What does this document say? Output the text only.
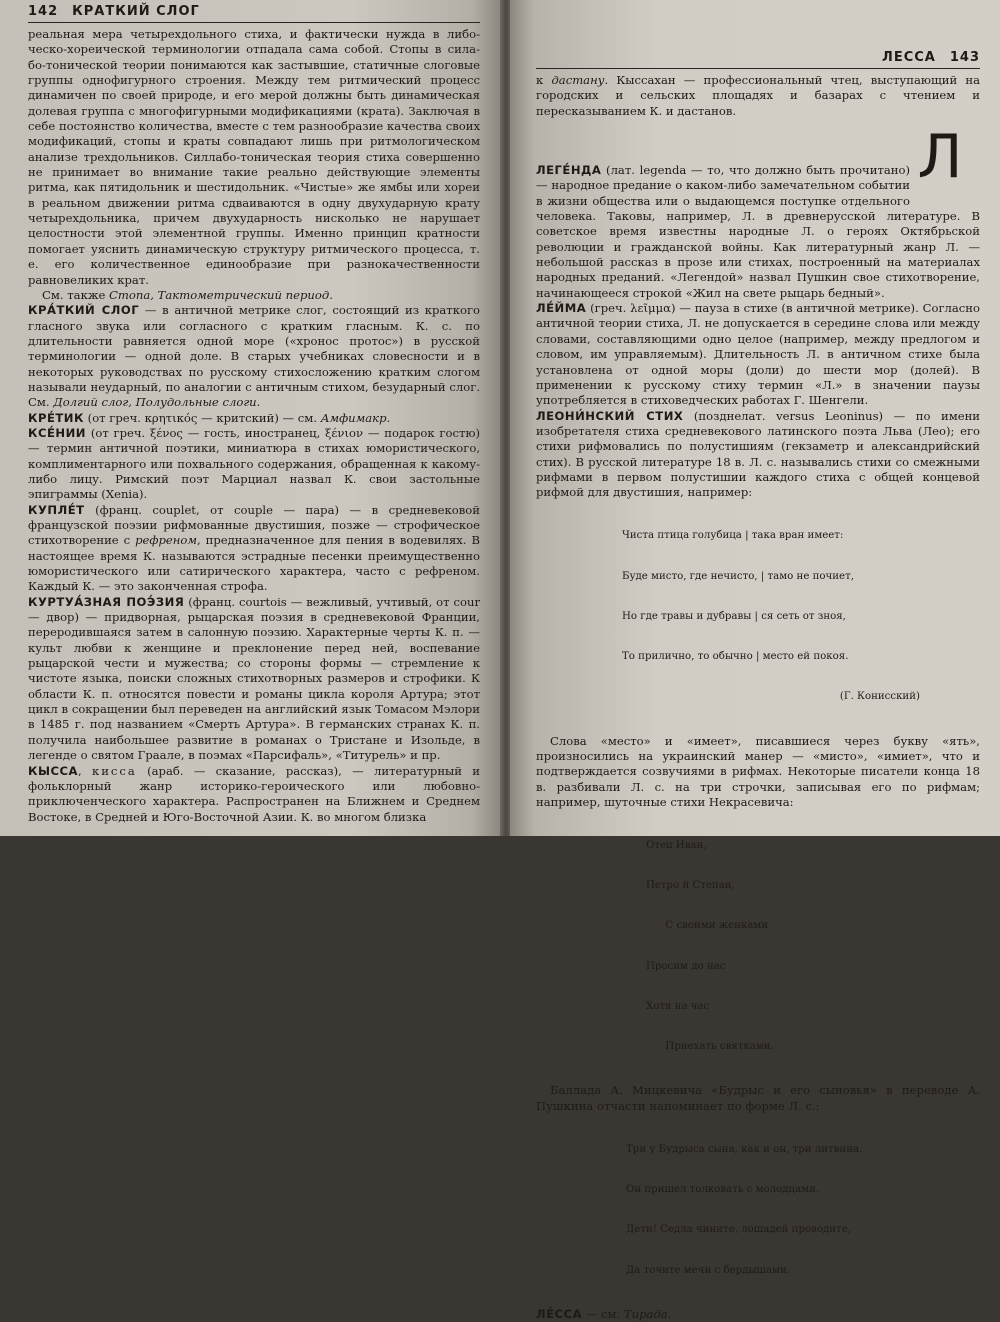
142 КРАТКИЙ СЛОГ

реальная мера четырехдольного стиха, и фактически нужда в либо-ческо-хореической терминологии отпадала сама собой. Стопы в сила-бо-тонической теории понимаются как застывшие, статичные слоговые группы однофигурного строения. Между тем ритмический процесс динамичен по своей природе, и его мерой должны быть динамическая долевая группа с многофигурными модификациями (крата). Заключая в себе постоянство количества, вместе с тем разнообразие качества своих модификаций, стопы и краты совпадают лишь при ритмологическом анализе трехдольников. Силлабо-тоническая теория стиха совершенно не принимает во внимание такие реально действующие элементы ритма, как пятидольник и шестидольник. «Чистые» же ямбы или хореи в реальном движении ритма сдваиваются в одну двухударную крату четырехдольника, причем двухударность нисколько не нарушает целостности этой элементной группы. Именно принцип кратности помогает уяснить динамическую структуру ритмического процесса, т. е. его количественное единообразие при разнокачественности равновеликих крат.

См. также Стопа, Тактометрический период.

КРА́ТКИЙ СЛОГ — в античной метрике слог, состоящий из краткого гласного звука или согласного с кратким гласным. К. с. по длительности равняется одной море («хронос протос») в русской терминологии — одной доле. В старых учебниках словесности и в некоторых руководствах по русскому стихосложению кратким слогом называли неударный, по аналогии с античным стихом, безударный слог. См. Долгий слог, Полудольные слоги.

КРЕ́ТИК (от греч. κρητικός — критский) — см. Амфимакр.

КСЕ́НИИ (от греч. ξένος — гость, иностранец, ξένιον — подарок гостю) — термин античной поэтики, миниатюра в стихах юмористического, комплиментарного или похвального содержания, обращенная к какому-либо лицу. Римский поэт Марциал назвал К. свои застольные эпиграммы (Xenia).

КУПЛЕ́Т (франц. couplet, от couple — пара) — в средневековой французской поэзии рифмованные двустишия, позже — строфическое стихотворение с рефреном, предназначенное для пения в водевилях. В настоящее время К. называются эстрадные песенки преимущественно юмористического или сатирического характера, часто с рефреном. Каждый К. — это законченная строфа.

КУРТУА́ЗНАЯ ПОЭ́ЗИЯ (франц. courtois — вежливый, учтивый, от cour — двор) — придворная, рыцарская поэзия в средневековой Франции, переродившаяся затем в салонную поэзию. Характерные черты К. п. — культ любви к женщине и преклонение перед ней, воспевание рыцарской чести и мужества; со стороны формы — стремление к чистоте языка, поиски сложных стихотворных размеров и строфики. К области К. п. относятся повести и романы цикла короля Артура; этот цикл в сокращении был переведен на английский язык Томасом Мэлори в 1485 г. под названием «Смерть Артура». В германских странах К. п. получила наибольшее развитие в романах о Тристане и Изольде, в легенде о святом Граале, в поэмах «Парсифаль», «Титурель» и пр.

КЫССА, кисса (араб. — сказание, рассказ), — литературный и фольклорный жанр историко-героического или любовно-приключенческого характера. Распространен на Ближнем и Среднем Востоке, в Средней и Юго-Восточной Азии. К. во многом близка

ЛЕССА 143

к дастану. Кыссахан — профессиональный чтец, выступающий на городских и сельских площадях и базарах с чтением и пересказыванием К. и дастанов.

Л

ЛЕГЕ́НДА (лат. legenda — то, что должно быть прочитано) — народное предание о каком-либо замечательном событии в жизни общества или о выдающемся поступке отдельного человека. Таковы, например, Л. в древнерусской литературе. В советское время известны народные Л. о героях Октябрьской революции и гражданской войны. Как литературный жанр Л. — небольшой рассказ в прозе или стихах, построенный на материалах народных преданий. «Легендой» назвал Пушкин свое стихотворение, начинающееся строкой «Жил на свете рыцарь бедный».

ЛЕ́ЙМА (греч. λεῖμμα) — пауза в стихе (в античной метрике). Согласно античной теории стиха, Л. не допускается в середине слова или между словами, составляющими одно целое (например, между предлогом и словом, им управляемым). Длительность Л. в античном стихе была установлена от одной моры (доли) до шести мор (долей). В применении к русскому стиху термин «Л.» в значении паузы употребляется в стиховедческих работах Г. Шенгели.

ЛЕОНИ́НСКИЙ СТИХ (позднелат. versus Leoninus) — по имени изобретателя стиха средневекового латинского поэта Льва (Лео); его стихи рифмовались по полустишиям (гекзаметр и александрийский стих). В русской литературе 18 в. Л. с. назывались стихи со смежными рифмами в первом полустишии каждого стиха с общей концевой рифмой для двустишия, например:

Чиста птица голубица | така вран имеет:

Буде мисто, где нечисто, | тамо не почиет,

Но где травы и дубравы | ся сеть от зноя,

То прилично, то обычно | место ей покоя.

(Г. Конисский)

Слова «место» и «имеет», писавшиеся через букву «ять», произносились на украинский манер — «мисто», «имиет», что и подтверждается созвучиями в рифмах. Некоторые писатели конца 18 в. разбивали Л. с. на три строчки, записывая его по рифмам; например, шуточные стихи Некрасевича:

Отец Иван,

Петро й Степан,

С своими женками

Просим до нас

Хотя на час

Приехать святками.

Баллада А. Мицкевича «Будрыс и его сыновья» в переводе А. Пушкина отчасти напоминает по форме Л. с.:

Три у Будрыса сына, как и он, три литвина.

Он пришел толковать с молодцами.

Дети! Седла чините, лошадей проводите,

Да точите мечи с бердышами.

ЛЕ́ССА — см. Тирада.
